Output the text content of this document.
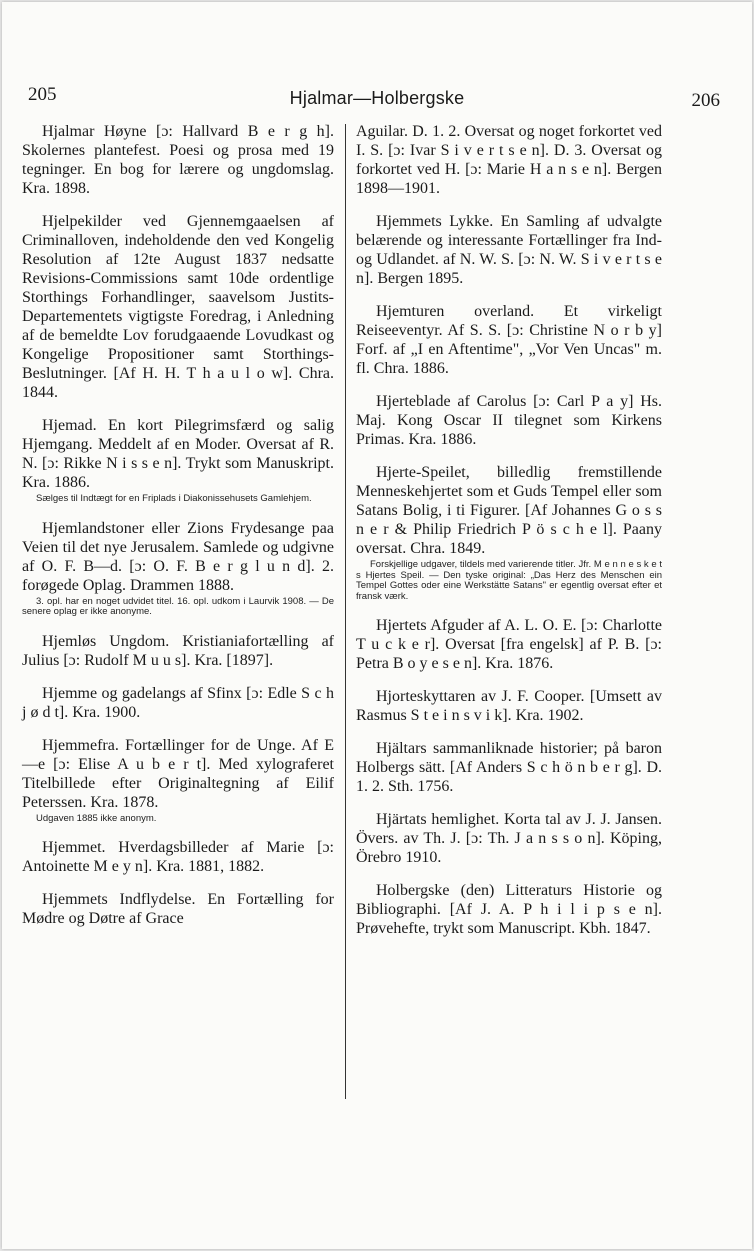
205	Hjalmar—Holbergske	206

Hjalmar Høyne [ɔ: Hallvard B e r g h]. Skolernes plantefest. Poesi og prosa med 19 tegninger. En bog for lærere og ungdomslag. Kra. 1898.

Hjelpekilder ved Gjennemgaaelsen af Criminalloven, indeholdende den ved Kongelig Resolution af 12te August 1837 nedsatte Revisions-Commissions samt 10de ordentlige Storthings Forhandlinger, saavelsom Justits-Departementets vigtigste Foredrag, i Anledning af de bemeldte Lov forudgaaende Lovudkast og Kongelige Propositioner samt Storthings-Beslutninger. [Af H. H. T h a u l o w]. Chra. 1844.

Hjemad. En kort Pilegrimsfærd og salig Hjemgang. Meddelt af en Moder. Oversat af R. N. [ɔ: Rikke N i s s e n]. Trykt som Manuskript. Kra. 1886.

Sælges til Indtægt for en Friplads i Diakonissehusets Gamlehjem.

Hjemlandstoner eller Zions Frydesange paa Veien til det nye Jerusalem. Samlede og udgivne af O. F. B—d. [ɔ: O. F. B e r g l u n d]. 2. forøgede Oplag. Drammen 1888.

3. opl. har en noget udvidet titel. 16. opl. udkom i Laurvik 1908. — De senere oplag er ikke anonyme.

Hjemløs Ungdom. Kristianiafortælling af Julius [ɔ: Rudolf M u u s]. Kra. [1897].

Hjemme og gadelangs af Sfinx [ɔ: Edle S c h j ø d t]. Kra. 1900.

Hjemmefra. Fortællinger for de Unge. Af E—e [ɔ: Elise A u b e r t]. Med xylograferet Titelbillede efter Originaltegning af Eilif Peterssen. Kra. 1878.

Udgaven 1885 ikke anonym.

Hjemmet. Hverdagsbilleder af Marie [ɔ: Antoinette M e y n]. Kra. 1881, 1882.

Hjemmets Indflydelse. En Fortælling for Mødre og Døtre af Grace

Aguilar. D. 1. 2. Oversat og noget forkortet ved I. S. [ɔ: Ivar S i v e r t s e n]. D. 3. Oversat og forkortet ved H. [ɔ: Marie H a n s e n]. Bergen 1898—1901.

Hjemmets Lykke. En Samling af udvalgte belærende og interessante Fortællinger fra Ind- og Udlandet. af N. W. S. [ɔ: N. W. S i v e r t s e n]. Bergen 1895.

Hjemturen overland. Et virkeligt Reiseeventyr. Af S. S. [ɔ: Christine N o r b y] Forf. af „I en Aftentime", „Vor Ven Uncas" m. fl. Chra. 1886.

Hjerteblade af Carolus [ɔ: Carl P a y] Hs. Maj. Kong Oscar II tilegnet som Kirkens Primas. Kra. 1886.

Hjerte-Speilet, billedlig fremstillende Menneskehjertet som et Guds Tempel eller som Satans Bolig, i ti Figurer. [Af Johannes G o s s n e r & Philip Friedrich P ö s c h e l]. Paany oversat. Chra. 1849.

Forskjellige udgaver, tildels med varierende titler. Jfr. M e n n e s k e t s Hjertes Speil. — Den tyske original: „Das Herz des Menschen ein Tempel Gottes oder eine Werkstätte Satans" er egentlig oversat efter et fransk værk.

Hjertets Afguder af A. L. O. E. [ɔ: Charlotte T u c k e r]. Oversat [fra engelsk] af P. B. [ɔ: Petra B o y e s e n]. Kra. 1876.

Hjorteskyttaren av J. F. Cooper. [Umsett av Rasmus S t e i n s v i k]. Kra. 1902.

Hjältars sammanliknade historier; på baron Holbergs sätt. [Af Anders S c h ö n b e r g]. D. 1. 2. Sth. 1756.

Hjärtats hemlighet. Korta tal av J. J. Jansen. Övers. av Th. J. [ɔ: Th. J a n s s o n]. Köping, Örebro 1910.

Holbergske (den) Litteraturs Historie og Bibliographi. [Af J. A. P h i l i p s e n]. Prøvehefte, trykt som Manuscript. Kbh. 1847.
